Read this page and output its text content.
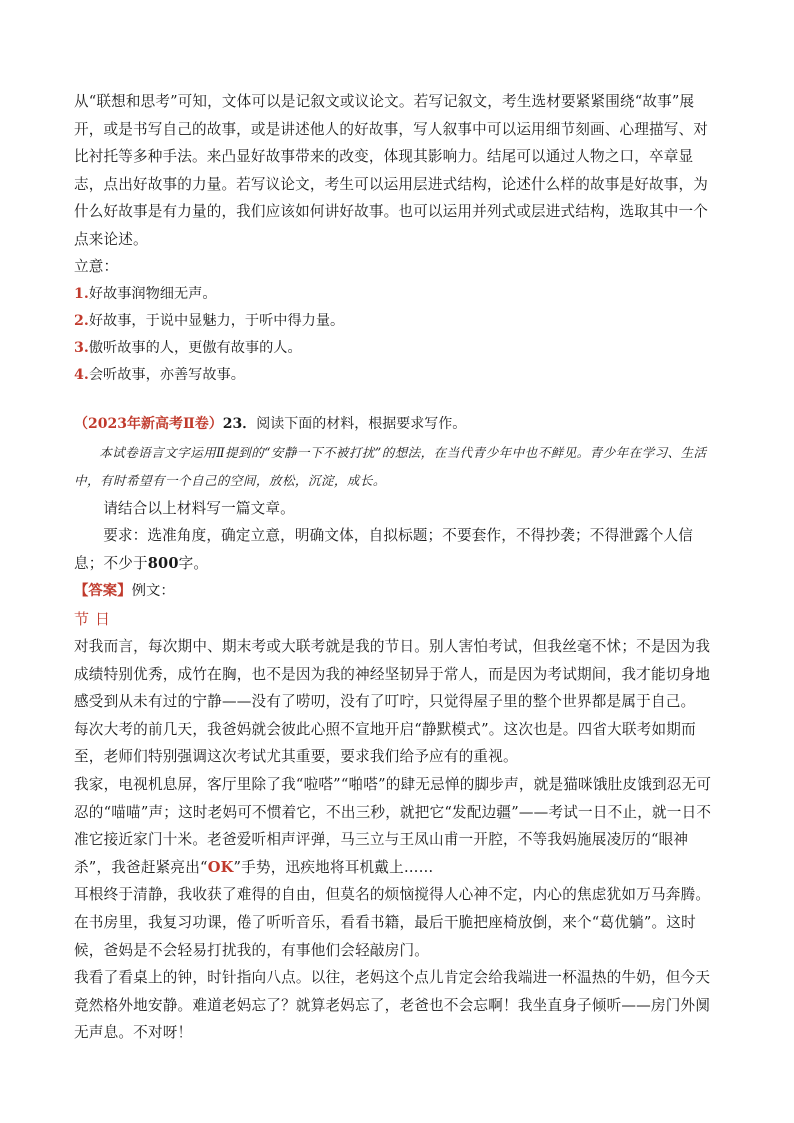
从“联想和思考”可知，文体可以是记叙文或议论文。若写记叙文，考生选材要紧紧围绕“故事”展开，或是书写自己的故事，或是讲述他人的好故事，写人叙事中可以运用细节刻画、心理描写、对比衬托等多种手法。来凸显好故事带来的改变，体现其影响力。结尾可以通过人物之口，卒章显志，点出好故事的力量。若写议论文，考生可以运用层进式结构，论述什么样的故事是好故事，为什么好故事是有力量的，我们应该如何讲好故事。也可以运用并列式或层进式结构，选取其中一个点来论述。

立意：

1.好故事润物细无声。

2.好故事，于说中显魅力，于听中得力量。

3.傲听故事的人，更傲有故事的人。

4.会听故事，亦善写故事。

（2023年新高考Ⅱ卷）23．阅读下面的材料，根据要求写作。

本试卷语言文字运用Ⅱ提到的“安静一下不被打扰”的想法，在当代青少年中也不鲜见。青少年在学习、生活中，有时希望有一个自己的空间，放松，沉淀，成长。

请结合以上材料写一篇文章。

要求：选准角度，确定立意，明确文体，自拟标题；不要套作，不得抄袭；不得泄露个人信息；不少于800字。

【答案】例文：

节日

对我而言，每次期中、期末考或大联考就是我的节日。别人害怕考试，但我丝毫不怵；不是因为我成绩特别优秀，成竹在胸，也不是因为我的神经坚韧异于常人，而是因为考试期间，我才能切身地感受到从未有过的宁静——没有了唠叨，没有了叮咛，只觉得屋子里的整个世界都是属于自己。

每次大考的前几天，我爸妈就会彼此心照不宣地开启“静默模式”。这次也是。四省大联考如期而至，老师们特别强调这次考试尤其重要，要求我们给予应有的重视。

我家，电视机息屏，客厅里除了我“啦嗒”“啪嗒”的肆无忌惮的脚步声，就是猫咪饿肚皮饿到忍无可忍的“喵喵”声；这时老妈可不惯着它，不出三秒，就把它“发配边疆”——考试一日不止，就一日不准它接近家门十米。老爸爱听相声评弹，马三立与王凤山甫一开腔，不等我妈施展凌厉的“眼神杀”，我爸赶紧亮出“OK”手势，迅疾地将耳机戴上……

耳根终于清静，我收获了难得的自由，但莫名的烦恼搅得人心神不定，内心的焦虑犹如万马奔腾。在书房里，我复习功课，倦了听听音乐，看看书籍，最后干脆把座椅放倒，来个“葛优躺”。这时候，爸妈是不会轻易打扰我的，有事他们会轻敲房门。

我看了看桌上的钟，时针指向八点。以往，老妈这个点儿肯定会给我端进一杯温热的牛奶，但今天竟然格外地安静。难道老妈忘了？就算老妈忘了，老爸也不会忘啊！我坐直身子倾听——房门外阒无声息。不对呀！
